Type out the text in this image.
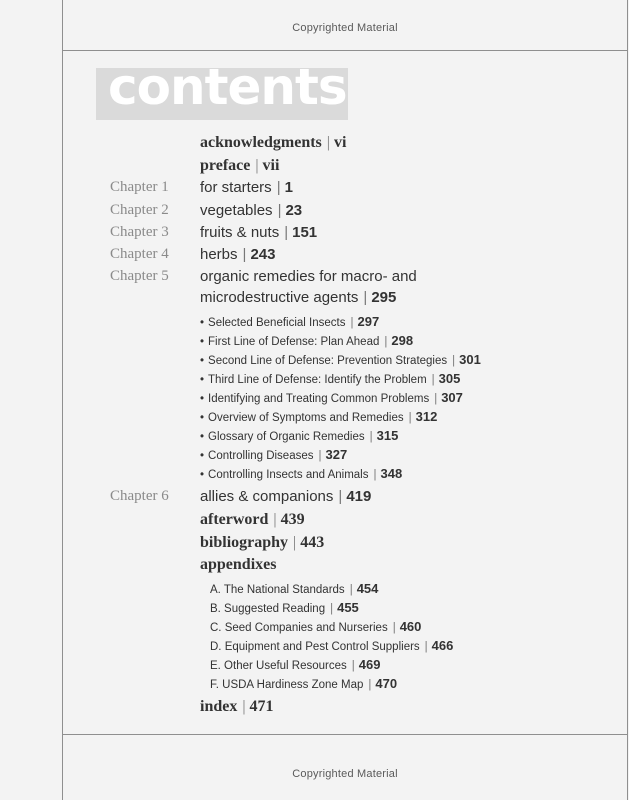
Copyrighted Material
Copyrighted Material
contents
acknowledgments | vi
preface | vii
Chapter 1 for starters | 1
Chapter 2 vegetables | 23
Chapter 3 fruits & nuts | 151
Chapter 4 herbs | 243
Chapter 5 organic remedies for macro- and
microdestructive agents | 295
• Selected Beneficial Insects | 297
• First Line of Defense: Plan Ahead | 298
• Second Line of Defense: Prevention Strategies | 301
• Third Line of Defense: Identify the Problem | 305
• Identifying and Treating Common Problems | 307
• Overview of Symptoms and Remedies | 312
• Glossary of Organic Remedies | 315
• Controlling Diseases | 327
• Controlling Insects and Animals | 348
Chapter 6 allies & companions | 419
afterword | 439
bibliography | 443
appendixes
A. The National Standards | 454
B. Suggested Reading | 455
C. Seed Companies and Nurseries | 460
D. Equipment and Pest Control Suppliers | 466
E. Other Useful Resources | 469
F. USDA Hardiness Zone Map | 470
index | 471
